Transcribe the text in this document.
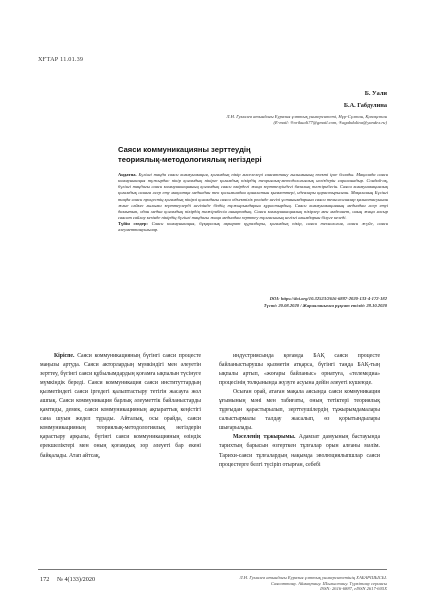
ХҒТАР 11.01.39
Б. Уали
Б.А. Габдулина
Л.Н. Гумилев атындағы Еуразия ұлттық университеті, Нұр-Сұлтан, Қазақстан
(E-mail: ®orikuali77@gmail.com, ®agabdulina@yandex.ru)
Саяси коммуникацияны зерттеудің
теориялық-методологиялық негіздері
Аңдатпа. Бүгінгі таңда саяси коммуникация, қоғамдық пікір мәселелері саясаттану ғылымының өзекті ірге болады. Мақалада саяси коммуникация тұжырдас пікір қоғамдық пікірге қоғамдық пікірдің теориялық-методологиялық негіздерін сараланадыр. Сондай-ақ, бүгінгі таңдағы саяси коммуникацияның қоғамдық саяси өмірдегі жаңа зерттелуіндегі базалық тәжірибесін. Саяси коммуникациялық қоғамдық санаға әсер ету мақсатқа медиадан тек қосымшадан қаналатын қызметтері, идеялары қарастырылған. Мақаланың Бүгінгі таңда саяси процестің қоғамдық пікірлі қоғамдағы саяси объектілік рөлінде негізі ұстанымдарына саяси технологиялар қалыптасуынан және сәйкес ғылыми зерттеулерді негізінде біздің тұжырымдарын құрастырдың. Саяси коммуникацияның медиадан әсер етуі дамытып, одан медиа қоғамдық пікірдің тәжірибесін анықтадық. Саяси коммуникациялық пікірлер мен мәдениет, оның жаңа ғасыр саясат сайлау кезінде пікірдің бүгінгі таңдағы жаңа медиадан зерттеу тұлғасының негізгі ағымдарын білуге келеді.
Түйін сөздер: Саяси коммуникация, бұқаралық ақпарат құралдары, қоғамдық пікір, саяси технология, саяси жүйе, саяси әлеуметтанушылар.
DOI: https://doi.org/10.32523/2616-6887-2020-133-4-172-182
Түсті: 20.08.2020 / Жарияланымға рұқсат етілді: 28.10.2020

Кіріспе. Саяси коммуникацияның бүгінгі саяси процесте маңызы артуда. Саяси акторлардың мүмкіндігі мен әлеуетін зерттеу, бүгінгі саяси құбылымдардың қоғамға ықпалын түсінуге мүмкіндік береді. Саяси коммуникация саяси институттардың қызметіндегі саяси іргедегі қалыптастыру тетігін жасауға жол ашпақ. Саяси коммуникация барлық әлеуметтік байланыстарды қамтиды, демек, саяси коммуникацияның ақпараттық кеңістігі сана шуын жедел тұрады. Айталық, осы орайда, саяси коммуникацияның теориялық-методологиялық негіздерін қарастыру арқылы, бүгінгі саяси коммуникацияның өзіндік ерекшеліктері мен оның қоғамдық зор әлеуеті бар екені байқалады. Атап айтсақ,

индустриясында қоғамда БАҚ саяси процесте байланыстырушы қызметін атқарса, бүгінгі таңда БАҚ-тың ықпалы артып, «жоғары байланыс» орнатуға, «телемедиа» процесінің толқынында жүзуге асуына дейін әлеуеті күшеюде.

Осыған орай, атаған мақала аясында саяси коммуникация ұғымының мәні мен табиғаты, оның тетіктері теориялық тұрғыдан қарастырылып, зерттеушілердің тұжырымдамалары салыстырмалы талдау жасалып, өз қорытындылары шығарылады.

Мәселенің тұжырымы. Адамзат дамуының бастауында тарихтың барысын өзгерткен тұлғалар орын алғаны мәлім. Тарихи-саяси тұлғалардың нақымда эволюциялыпшлар саяси процестерге белгі түсіріп отырған, себебі

172 № 4(133)/2020	Л.Н. Гумилев атындағы Еуразия ұлттық университетінің ХАБАРШЫСЫ.
Саясаттану. Аймақтану. Шығыстану. Түркітану сериясы
ISSN: 2616-6887, eISSN 2617-605X
